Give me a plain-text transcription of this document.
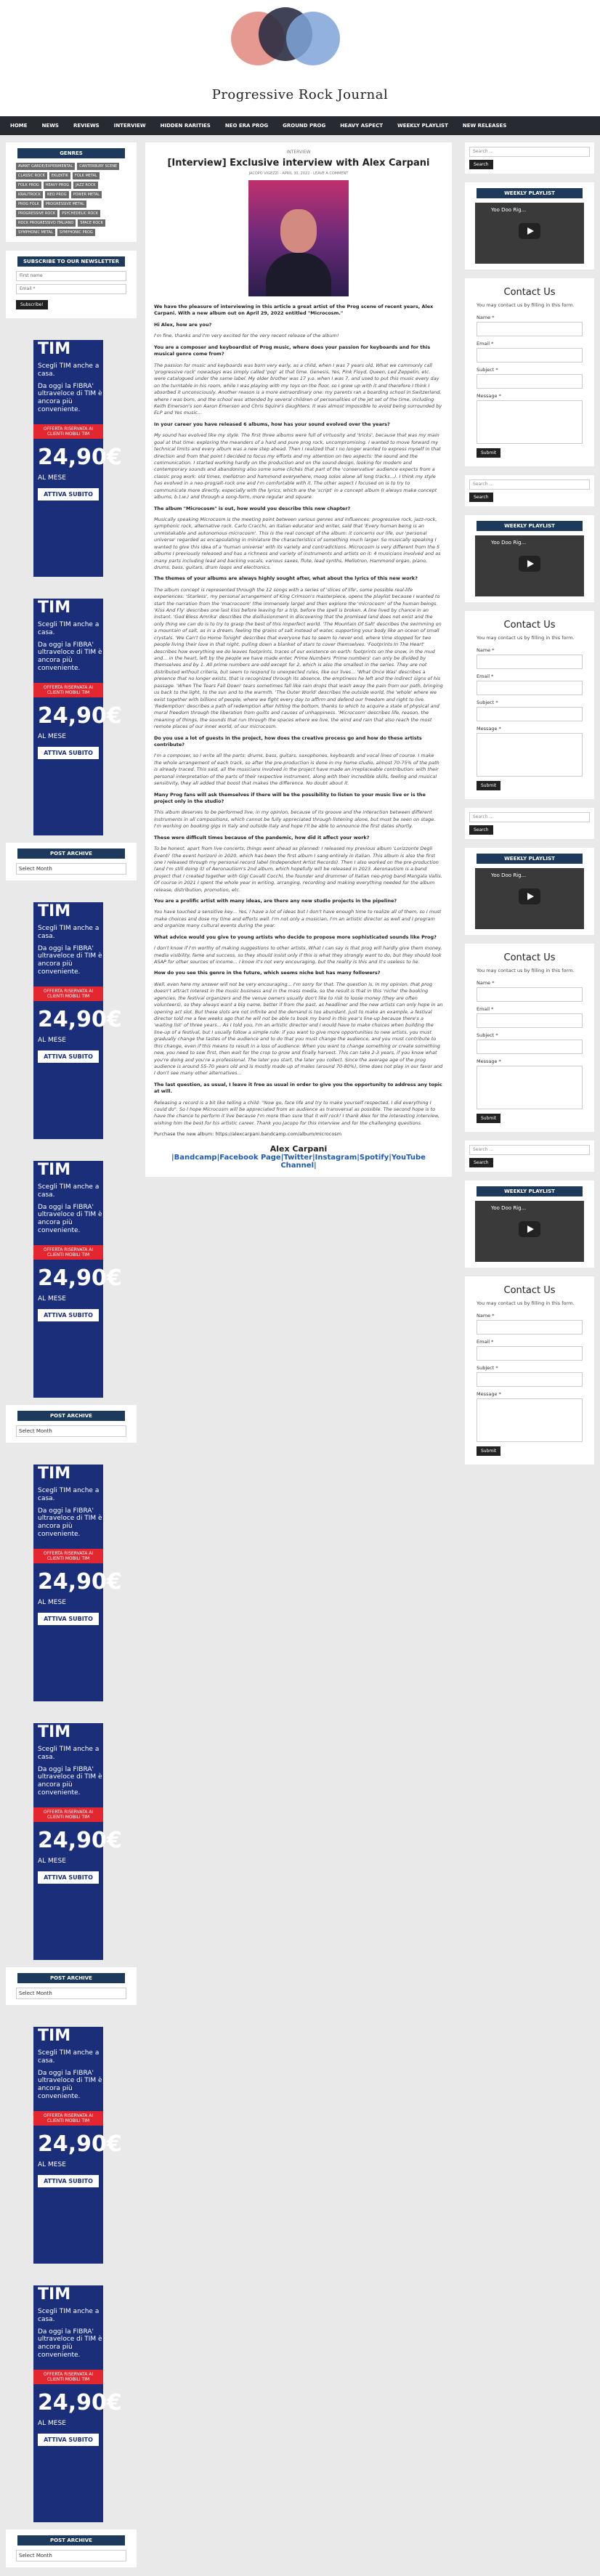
Progressive Rock Journal
HOME	NEWS	REVIEWS	INTERVIEW	HIDDEN RARITIES	NEO ERA PROG	GROUND PROG	HEAVY ASPECT	WEEKLY PLAYLIST	NEW RELEASES
GENRES
AVANT GARDE/EXPERIMENTAL	CANTERBURY SCENE
CLASSIC ROCK	EKLEKTIK	FOLK METAL
FOLK PROG	HEAVY PROG	JAZZ ROCK
KRAUTROCK	NEO PROG	POWER METAL
PROG FOLK	PROGRESSIVE METAL
PROGRESSIVE ROCK	PSYCHEDELIC ROCK
ROCK PROGRESSIVO ITALIANO	SPACE ROCK
SYMPHONIC METAL	SYMPHONIC PROG
SUBSCRIBE TO OUR NEWSLETTER
First name
Email *
Subscribe!
TIM
Scegli TIM anche a casa.
Da oggi la FIBRA' ultraveloce di TIM è ancora più conveniente.
OFFERTA RISERVATA AI CLIENTI MOBILI TIM
24,90€
AL MESE
ATTIVA SUBITO
TIM
Scegli TIM anche a casa.
Da oggi la FIBRA' ultraveloce di TIM è ancora più conveniente.
OFFERTA RISERVATA AI CLIENTI MOBILI TIM
24,90€
AL MESE
ATTIVA SUBITO
POST ARCHIVE
Select Month
TIM
Scegli TIM anche a casa.
Da oggi la FIBRA' ultraveloce di TIM è ancora più conveniente.
OFFERTA RISERVATA AI CLIENTI MOBILI TIM
24,90€
AL MESE
ATTIVA SUBITO
TIM
Scegli TIM anche a casa.
Da oggi la FIBRA' ultraveloce di TIM è ancora più conveniente.
OFFERTA RISERVATA AI CLIENTI MOBILI TIM
24,90€
AL MESE
ATTIVA SUBITO
POST ARCHIVE
Select Month
TIM
Scegli TIM anche a casa.
Da oggi la FIBRA' ultraveloce di TIM è ancora più conveniente.
OFFERTA RISERVATA AI CLIENTI MOBILI TIM
24,90€
AL MESE
ATTIVA SUBITO
TIM
Scegli TIM anche a casa.
Da oggi la FIBRA' ultraveloce di TIM è ancora più conveniente.
OFFERTA RISERVATA AI CLIENTI MOBILI TIM
24,90€
AL MESE
ATTIVA SUBITO
POST ARCHIVE
Select Month
TIM
Scegli TIM anche a casa.
Da oggi la FIBRA' ultraveloce di TIM è ancora più conveniente.
OFFERTA RISERVATA AI CLIENTI MOBILI TIM
24,90€
AL MESE
ATTIVA SUBITO
TIM
Scegli TIM anche a casa.
Da oggi la FIBRA' ultraveloce di TIM è ancora più conveniente.
OFFERTA RISERVATA AI CLIENTI MOBILI TIM
24,90€
AL MESE
ATTIVA SUBITO
POST ARCHIVE
Select Month
INTERVIEW
[Interview] Exclusive interview with Alex Carpani
JACOPO VIGEZZI · APRIL 30, 2022 · LEAVE A COMMENT
We have the pleasure of interviewing in this article a great artist of the Prog scene of recent years, Alex Carpani. With a new album out on April 29, 2022 entitled "Microcosm."
Hi Alex, how are you?
I'm fine, thanks and I'm very excited for the very recent release of the album!
You are a composer and keyboardist of Prog music, where does your passion for keyboards and for this musical genre come from?
The passion for music and keyboards was born very early, as a child, when I was 7 years old. What we commonly call 'progressive rock' nowadays was simply called 'pop' at that time. Genesis, Yes, Pink Floyd, Queen, Led Zeppelin, etc. were catalogued under the same label. My older brother was 17 y.o. when I was 7, and used to put this music every day on the turntable in his room, while I was playing with my toys on the floor, so I grew up with it and therefore I think I absorbed it unconsciously. Another reason is a more extraordinary one: my parents ran a boarding school in Switzerland, where I was born, and the school was attended by several children of personalities of the jet set of the time, including Keith Emerson's son Aaron Emerson and Chris Squire's daughters. It was almost impossible to avoid being surrounded by ELP and Yes music...
In your career you have released 6 albums, how has your sound evolved over the years?
My sound has evolved like my style. The first three albums were full of virtuosity and 'tricks', because that was my main goal at that time: exploring the meanders of a hard and pure prog rock, uncompromising. I wanted to move forward my technical limits and every album was a new step ahead. Then I realized that I no longer wanted to express myself in that direction and from that point I decided to focus my efforts and my attention on two aspects: the sound and the communication. I started working hardly on the production and on the sound design, looking for modern and contemporary sounds and abandoning also some some clichés that part of the 'conservative' audience expects from a classic prog work: old times, mellotron and hammond everywhere, moog solos alone all long tracks...). I think my style has evolved in a neo-prog/alt-rock one and I'm comfortable with it. The other aspect I focused on is to try to communicate more directly, especially with the lyrics, which are the 'script' in a concept album (I always make concept albums, b.t.w.) and through a song-form, more regular and square.
The album "Microcosm" is out, how would you describe this new chapter?
Musically speaking Microcosm is the meeting point between various genres and influences: progressive rock, jazz-rock, symphonic rock, alternative rock. Carlo Cracchi, an Italian educator and writer, said that 'Every human being is an unmistakable and autonomous microcosm'. This is the real concept of the album: it concerns our life, our 'personal universe' regarded as encapsulating in miniature the characteristics of something much larger. So musically speaking I wanted to give this idea of a 'human universe' with its variety and contradictions. Microcosm is very different from the 5 albums I previously released and has a richness and variety of instruments and artists on it: 4 musicians involved and as many parts including lead and backing vocals, various saxes, flute, lead synths, Mellotron, Hammond organ, piano, drums, bass, guitars, drum loops and electronics.
The themes of your albums are always highly sought after, what about the lyrics of this new work?
The album concept is represented through the 12 songs with a series of 'slices of life', some possible real-life experiences: 'Starless', my personal arrangement of King Crimson's masterpiece, opens the playlist because I wanted to start the narration from the 'macrocosm' (the immensely large) and then explore the 'microcosm' of the human beings. 'Kiss And Fly' describes one last kiss before leaving for a trip, before the spell is broken. A line lived by chance in an instant. 'God Bless Amrika' describes the disillusionment in discovering that the promised land does not exist and the only thing we can do is to try to grasp the best of this imperfect world. 'The Mountain Of Salt' describes the swimming on a mountain of salt, as in a dream, feeling the grains of salt instead of water, supporting your body like an ocean of small crystals. 'We Can't Go Home Tonight' describes that everyone has to seem to never end, where time stopped for two people living their love in that night, pulling down a blanket of stars to cover themselves. 'Footprints In The Heart' describes how everything we do leaves footprints, traces of our existence on earth: footprints on the snow, in the mud and... in the heart, left by the people we have made enter. Prime Numbers 'Prime numbers' can only be divided by themselves and by 1. All prime numbers are odd except for 2, which is also the smallest in the series. They are not distributed without criteria, but seem to respond to unexpected rules, like our lives... 'What Once Was' describes a presence that no longer exists, that is recognized through its absence, the emptiness he left and the indirect signs of his passage. 'When The Tears Fall Down' tears sometimes fall like rain drops that wash away the pain from our path, bringing us back to the light, to the sun and to the warmth. 'The Outer World' describes the outside world, the 'whole' where we exist together with billions of people, where we fight every day to affirm and defend our freedom and right to live. 'Redemption' describes a path of redemption after hitting the bottom, thanks to which to acquire a state of physical and moral freedom through the liberation from guilts and causes of unhappiness. 'Microcosm' describes life, reason, the meaning of things, the sounds that run through the spaces where we live, the wind and rain that also reach the most remote places of our inner world, of our microcosm.
Do you use a lot of guests in the project, how does the creative process go and how do these artists contribute?
I'm a composer, so I write all the parts: drums, bass, guitars, saxophones, keyboards and vocal lines of course. I make the whole arrangement of each track, so after the pre-production is done in my home studio, almost 70-75% of the path is already traced. This said, all the musicians involved in the project have made an irreplaceable contribution: with their personal interpretation of the parts of their respective instrument, along with their incredible skills, feeling and musical sensitivity, they all added that boost that makes the difference. No doubt about it.
Many Prog fans will ask themselves if there will be the possibility to listen to your music live or is the project only in the studio?
This album deserves to be performed live, in my opinion, because of its groove and the interaction between different instruments in all compositions, which cannot be fully appreciated through listening alone, but must be seen on stage. I'm working on booking gigs in Italy and outside Italy and hope I'll be able to announce the first dates shortly.
These were difficult times because of the pandemic, how did it affect your work?
To be honest, apart from live concerts, things went ahead as planned: I released my previous album 'Lorizzonte Degli Eventi' (the event horizon) in 2020, which has been the first album I sang entirely in Italian. This album is also the first one I released through my personal record label (Independent Artist Records). Then I also worked on the pre-production (and I'm still doing it) of Aeronautism's 2nd album, which hopefully will be released in 2023. Aeronautism is a band project that I created together with Gigi Cavalli Cocchi, the founder and drummer of Italian neo-prog band Mangala Vallis. Of course in 2021 I spent the whole year in writing, arranging, recording and making everything needed for the album release, distribution, promotion, etc.
You are a prolific artist with many ideas, are there any new studio projects in the pipeline?
You have touched a sensitive key... Yes, I have a lot of ideas but I don't have enough time to realize all of them, so I must make choices and dose my time and efforts well. I'm not only a musician, I'm an artistic director as well and I program and organize many cultural events during the year.
What advice would you give to young artists who decide to propose more sophisticated sounds like Prog?
I don't know if I'm worthy of making suggestions to other artists. What I can say is that prog will hardly give them money, media visibility, fame and success, so they should insist only if this is what they strongly want to do, but they should look ASAP for other sources of income... I know it's not very encouraging, but the reality is this and it's useless to lie.
How do you see this genre in the future, which seems niche but has many followers?
Well, even here my answer will not be very encouraging... I'm sorry for that. The question is, in my opinion, that prog doesn't attract interest in the music business and in the mass media, so the result is that in this 'niche' the booking agencies, the festival organizers and the venue owners usually don't like to risk to loose money (they are often volunteers), so they always want a big name, better if from the past, as headliner and the new artists can only hope in an opening act slot. But these slots are not infinite and the demand is too abundant. Just to make an example, a festival director told me a few weeks ago that he will not be able to book my band in this year's line-up because there's a 'waiting list' of three years... As I told you, I'm an artistic director and I would have to make choices when building the line-up of a festival, but I usually follow a simple rule: if you want to give more opportunities to new artists, you must gradually change the tastes of the audience and to do that you must change the audience, and you must contribute to this change, even if this means to result in a loss of audience. When you want to change something or create something new, you need to sow first, then wait for the crop to grow and finally harvest. This can take 2-3 years, if you know what you're doing and you're a professional. The later you start, the later you collect. Since the average age of the prog audience is around 55-70 years old and is mostly made up of males (around 70-80%), time does not play in our favor and I don't see many other alternatives...
The last question, as usual, I leave it free as usual in order to give you the opportunity to address any topic at will.
Releasing a record is a bit like telling a child: "Now go, face life and try to make yourself respected, I did everything I could do". So I hope Microcosm will be appreciated from an audience as transversal as possible. The second hope is to have the chance to perform it live because I'm more than sure that it will rock! I thank Alex for the interesting interview, wishing him the best for his artistic career. Thank you Jacopo for this interview and for the challenging questions.
Purchase the new album: https://alexcarpani.bandcamp.com/album/microcosm
Alex Carpani
|Bandcamp|Facebook Page|Twitter|Instagram|Spotify|YouTube Channel|
Search ...
Search
WEEKLY PLAYLIST
Yoo Doo Rig...
Contact Us
You may contact us by filling in this form.
Name *
Email *
Subject *
Message *
Submit
Search ...
Search
WEEKLY PLAYLIST
Yoo Doo Rig...
Contact Us
You may contact us by filling in this form.
Name *
Email *
Subject *
Message *
Submit
Search ...
Search
WEEKLY PLAYLIST
Yoo Doo Rig...
Contact Us
You may contact us by filling in this form.
Name *
Email *
Subject *
Message *
Submit
Search ...
Search
WEEKLY PLAYLIST
Yoo Doo Rig...
Contact Us
You may contact us by filling in this form.
Name *
Email *
Subject *
Message *
Submit
